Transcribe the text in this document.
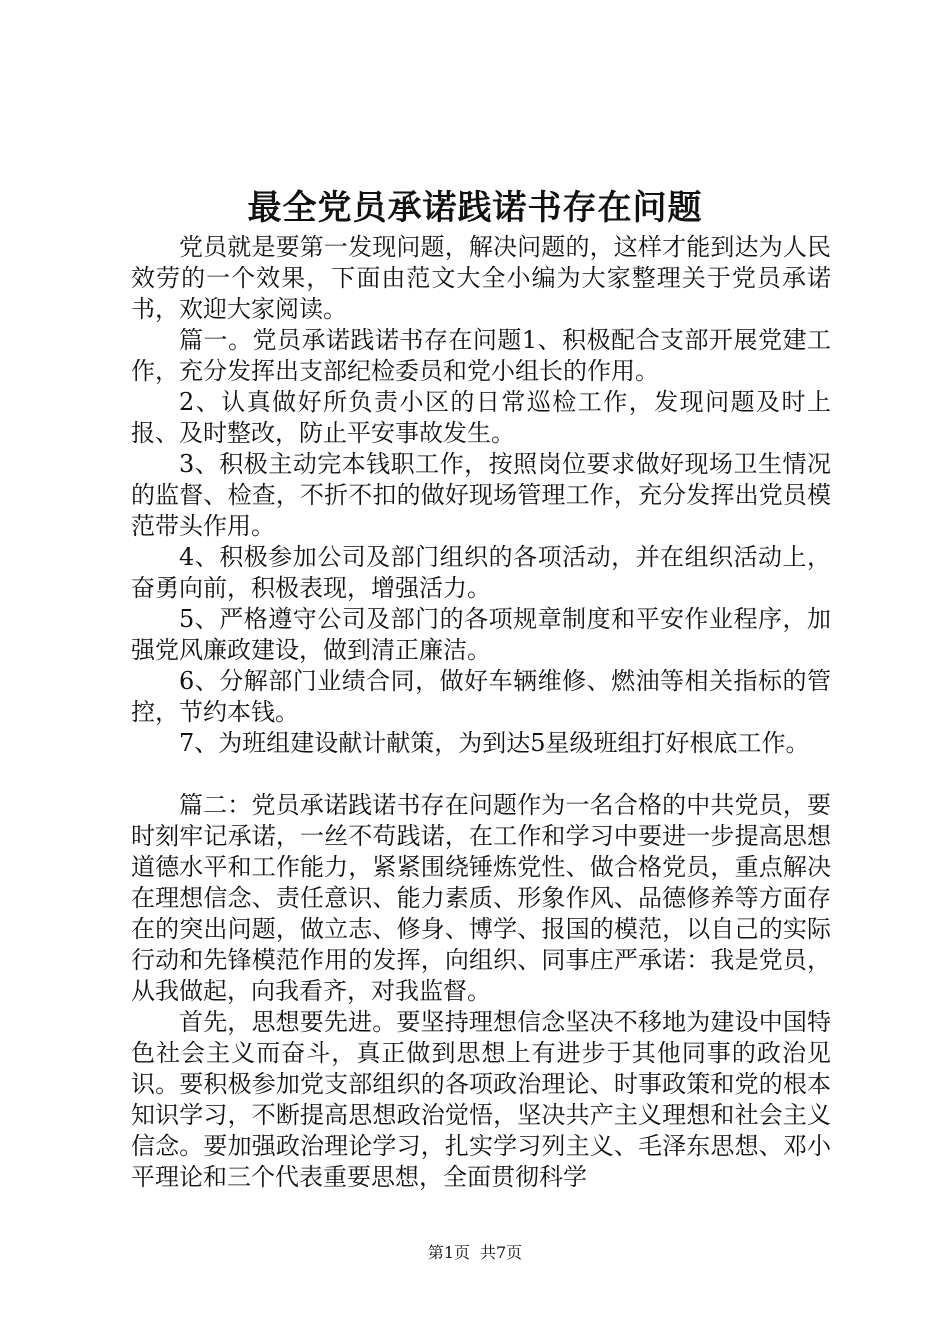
最全党员承诺践诺书存在问题

党员就是要第一发现问题，解决问题的，这样才能到达为人民效劳的一个效果，下面由范文大全小编为大家整理关于党员承诺书，欢迎大家阅读。

篇一。党员承诺践诺书存在问题1、积极配合支部开展党建工作，充分发挥出支部纪检委员和党小组长的作用。

2、认真做好所负责小区的日常巡检工作，发现问题及时上报、及时整改，防止平安事故发生。

3、积极主动完本钱职工作，按照岗位要求做好现场卫生情况的监督、检查，不折不扣的做好现场管理工作，充分发挥出党员模范带头作用。

4、积极参加公司及部门组织的各项活动，并在组织活动上，奋勇向前，积极表现，增强活力。

5、严格遵守公司及部门的各项规章制度和平安作业程序，加强党风廉政建设，做到清正廉洁。

6、分解部门业绩合同，做好车辆维修、燃油等相关指标的管控，节约本钱。

7、为班组建设献计献策，为到达5星级班组打好根底工作。

篇二：党员承诺践诺书存在问题作为一名合格的中共党员，要时刻牢记承诺，一丝不苟践诺，在工作和学习中要进一步提高思想道德水平和工作能力，紧紧围绕锤炼党性、做合格党员，重点解决在理想信念、责任意识、能力素质、形象作风、品德修养等方面存在的突出问题，做立志、修身、博学、报国的模范，以自己的实际行动和先锋模范作用的发挥，向组织、同事庄严承诺：我是党员，从我做起，向我看齐，对我监督。

首先，思想要先进。要坚持理想信念坚决不移地为建设中国特色社会主义而奋斗，真正做到思想上有进步于其他同事的政治见识。要积极参加党支部组织的各项政治理论、时事政策和党的根本知识学习，不断提高思想政治觉悟，坚决共产主义理想和社会主义信念。要加强政治理论学习，扎实学习列主义、毛泽东思想、邓小平理论和三个代表重要思想，全面贯彻科学

第1页 共7页
